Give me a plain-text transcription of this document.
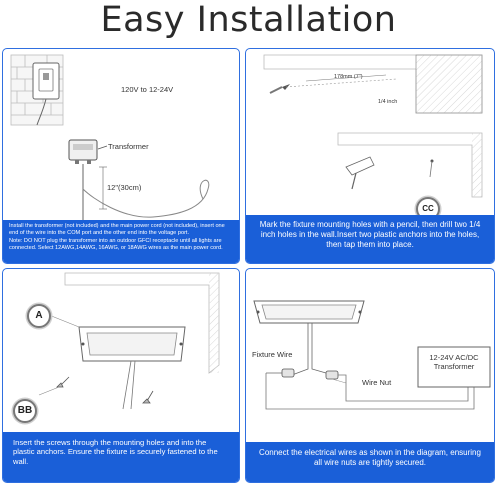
Easy Installation
120V to 12-24V
Transformer
12"(30cm)

Install the transformer (not included) and the main power cord (not included), insert one end of the wire into the COM port and the other end into the voltage port.

Note: DO NOT plug the transformer into an outdoor GFCI receptacle until all lights are connected. Select 12AWG,14AWG, 16AWG, or 18AWG wires as the main power cord.

178mm (7")
1/4 inch
CC

Mark the fixture mounting holes with a pencil, then drill two 1/4 inch holes in the wall.Insert two plastic anchors into the holes, then tap them into place.

A
BB

Insert the screws through the mounting holes and into the plastic anchors. Ensure the fixture is securely fastened to the wall.

Fixture Wire
Wire Nut
12-24V AC/DC Transformer

Connect the electrical wires as shown in the diagram, ensuring all wire nuts are tightly secured.
